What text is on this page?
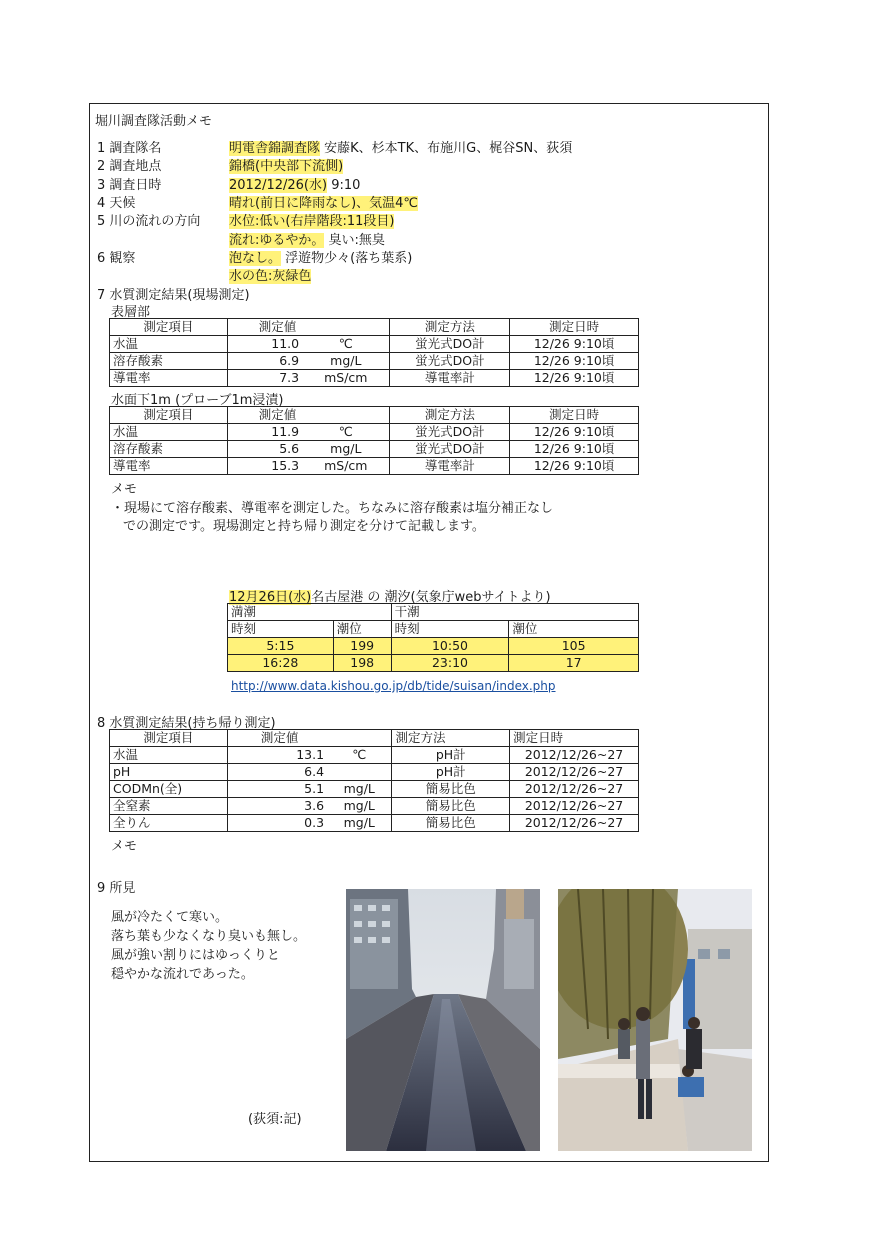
堀川調査隊活動メモ
1 調査隊名	明電舎錦調査隊 安藤K、杉本TK、布施川G、梶谷SN、荻須
2 調査地点	錦橋(中央部下流側)
3 調査日時	2012/12/26(水) 9:10
4 天候	晴れ(前日に降雨なし)、気温4℃
5 川の流れの方向 水位:低い(右岸階段:11段目)
流れ:ゆるやか。 臭い:無臭
6 観察	泡なし。 浮遊物少々(落ち葉系)
水の色:灰緑色
7 水質測定結果(現場測定)
表層部
測定項目	測定値		測定方法	測定日時
水温	11.0	℃	蛍光式DO計	12/26 9:10頃
溶存酸素	6.9	mg/L	蛍光式DO計	12/26 9:10頃
導電率	7.3	mS/cm	導電率計	12/26 9:10頃
水面下1m (プローブ1m浸漬)
測定項目	測定値		測定方法	測定日時
水温	11.9	℃	蛍光式DO計	12/26 9:10頃
溶存酸素	5.6	mg/L	蛍光式DO計	12/26 9:10頃
導電率	15.3	mS/cm	導電率計	12/26 9:10頃
メモ
・現場にて溶存酸素、導電率を測定した。ちなみに溶存酸素は塩分補正なし
での測定です。現場測定と持ち帰り測定を分けて記載します。
12月26日(水)名古屋港 の 潮汐(気象庁webサイトより)
満潮		干潮	
時刻	潮位	時刻	潮位
5:15	199	10:50	105
16:28	198	23:10	17
http://www.data.kishou.go.jp/db/tide/suisan/index.php
8 水質測定結果(持ち帰り測定)
測定項目	測定値		測定方法	測定日時
水温	13.1	℃	pH計	2012/12/26~27
pH	6.4		pH計	2012/12/26~27
CODMn(全)	5.1	mg/L	簡易比色	2012/12/26~27
全窒素	3.6	mg/L	簡易比色	2012/12/26~27
全りん	0.3	mg/L	簡易比色	2012/12/26~27
メモ
9 所見
風が冷たくて寒い。
落ち葉も少なくなり臭いも無し。
風が強い割りにはゆっくりと
穏やかな流れであった。
(荻須:記)
